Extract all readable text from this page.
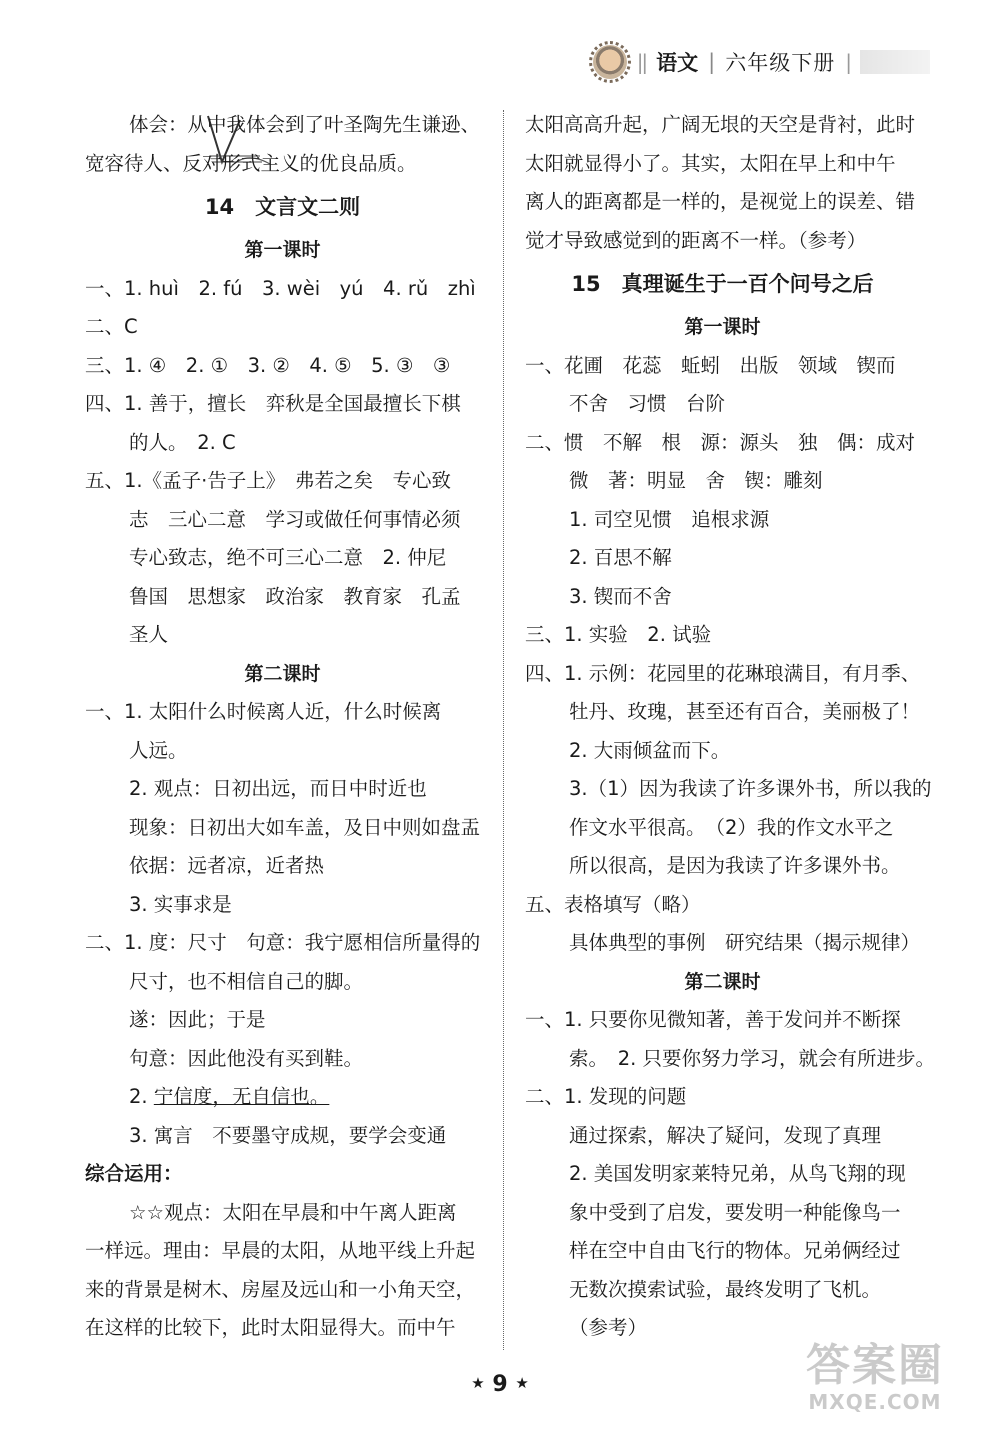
|| 语文 | 六年级下册 |
体会：从中我体会到了叶圣陶先生谦逊、
宽容待人、反对形式主义的优良品质。
14　文言文二则
第一课时
一、1. huì　2. fú　3. wèi　yú　4. rǔ　zhì
二、C
三、1. ④　2. ①　3. ②　4. ⑤　5. ③　③
四、1. 善于，擅长　弈秋是全国最擅长下棋
的人。　2. C
五、1.《孟子·告子上》　弗若之矣　专心致
志　三心二意　学习或做任何事情必须
专心致志，绝不可三心二意　2. 仲尼
鲁国　思想家　政治家　教育家　孔孟
圣人
第二课时
一、1. 太阳什么时候离人近，什么时候离
人远。
2. 观点：日初出远，而日中时近也
现象：日初出大如车盖，及日中则如盘盂
依据：远者凉，近者热
3. 实事求是
二、1. 度：尺寸　句意：我宁愿相信所量得的
尺寸，也不相信自己的脚。
遂：因此；于是
句意：因此他没有买到鞋。
2. 宁信度，无自信也。
3. 寓言　不要墨守成规，要学会变通
综合运用：
☆☆观点：太阳在早晨和中午离人距离
一样远。理由：早晨的太阳，从地平线上升起
来的背景是树木、房屋及远山和一小角天空，
在这样的比较下，此时太阳显得大。而中午
太阳高高升起，广阔无垠的天空是背衬，此时
太阳就显得小了。其实，太阳在早上和中午
离人的距离都是一样的，是视觉上的误差、错
觉才导致感觉到的距离不一样。（参考）
15　真理诞生于一百个问号之后
第一课时
一、花圃　花蕊　蚯蚓　出版　领域　锲而
不舍　习惯　台阶
二、惯　不解　根　源：源头　独　偶：成对
微　著：明显　舍　锲：雕刻
1. 司空见惯　追根求源
2. 百思不解
3. 锲而不舍
三、1. 实验　2. 试验
四、1. 示例：花园里的花琳琅满目，有月季、
牡丹、玫瑰，甚至还有百合，美丽极了！
2. 大雨倾盆而下。
3.（1）因为我读了许多课外书，所以我的
作文水平很高。　（2）我的作文水平之
所以很高，是因为我读了许多课外书。
五、表格填写（略）
具体典型的事例　研究结果（揭示规律）
第二课时
一、1. 只要你见微知著，善于发问并不断探
索。　2. 只要你努力学习，就会有所进步。
二、1. 发现的问题
通过探索，解决了疑问，发现了真理
2. 美国发明家莱特兄弟，从鸟飞翔的现
象中受到了启发，要发明一种能像鸟一
样在空中自由飞行的物体。兄弟俩经过
无数次摸索试验，最终发明了飞机。
（参考）
★ 9 ★	答案圈
MXQE.COM
